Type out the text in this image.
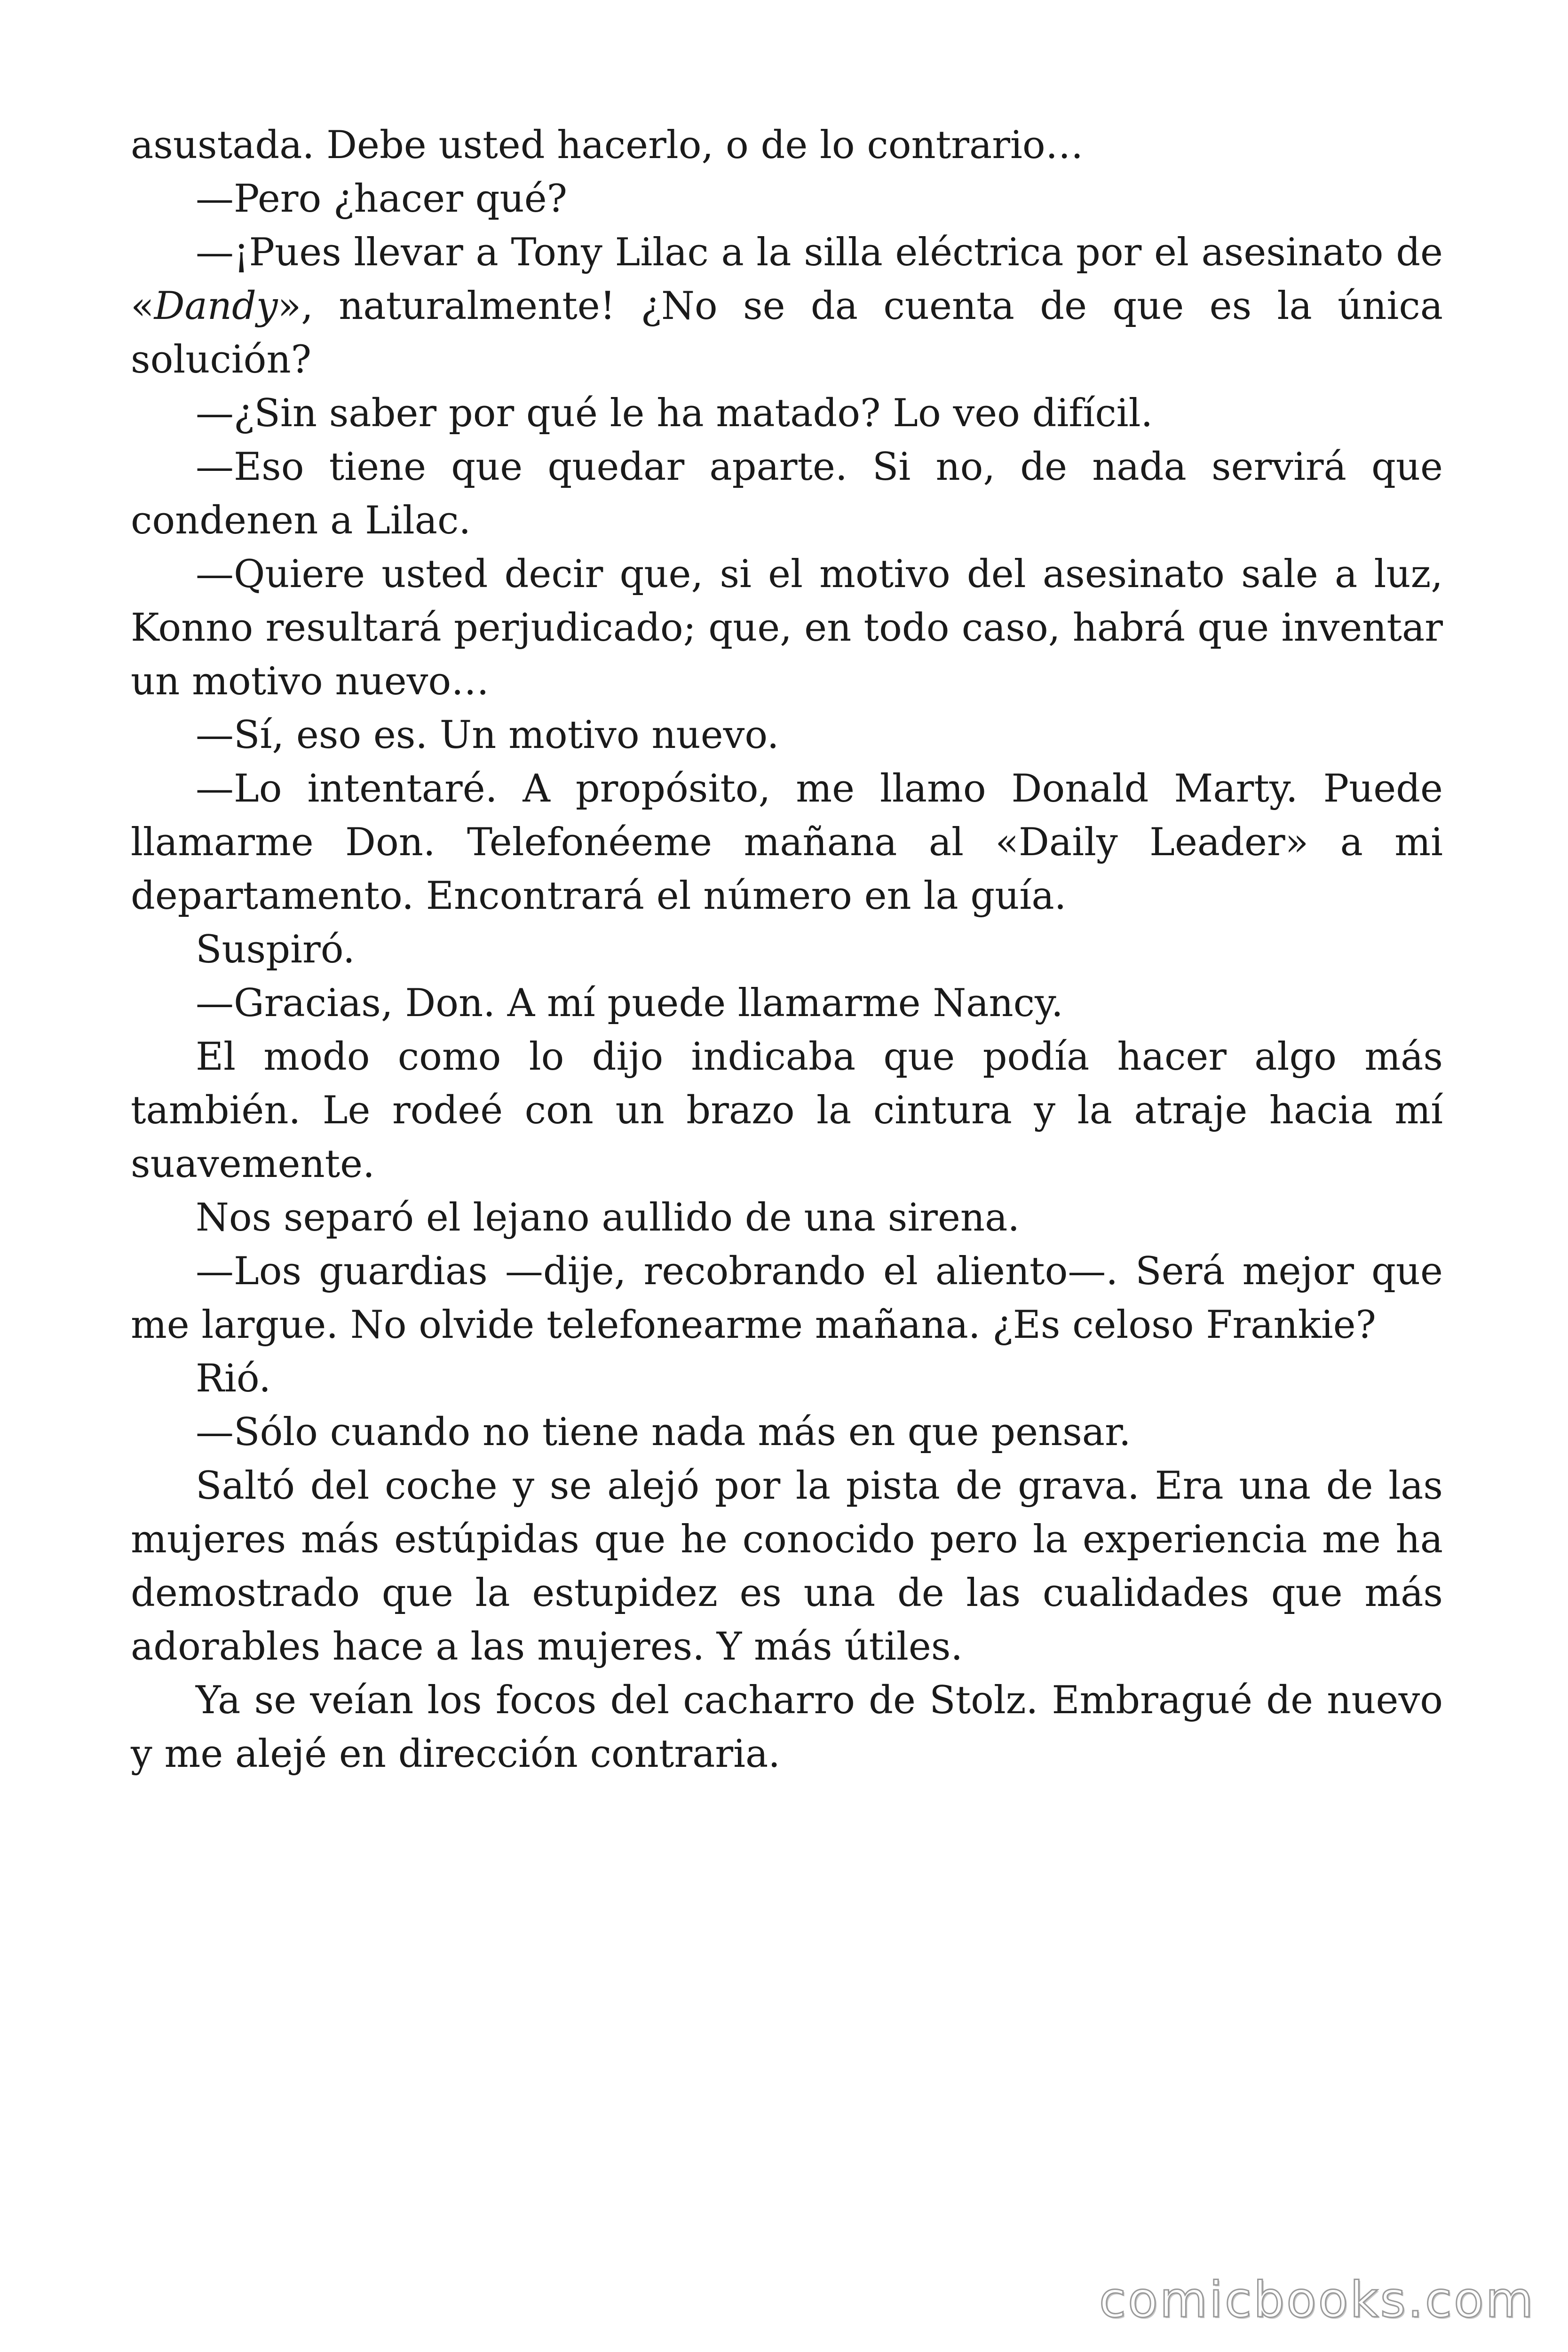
asustada. Debe usted hacerlo, o de lo contrario…

—Pero ¿hacer qué?

—¡Pues llevar a Tony Lilac a la silla eléctrica por el asesinato de «Dandy», naturalmente! ¿No se da cuenta de que es la única solución?

—¿Sin saber por qué le ha matado? Lo veo difícil.

—Eso tiene que quedar aparte. Si no, de nada servirá que condenen a Lilac.

—Quiere usted decir que, si el motivo del asesinato sale a luz, Konno resultará perjudicado; que, en todo caso, habrá que inventar un motivo nuevo…

—Sí, eso es. Un motivo nuevo.

—Lo intentaré. A propósito, me llamo Donald Marty. Puede llamarme Don. Telefonéeme mañana al «Daily Leader» a mi departamento. Encontrará el número en la guía.

Suspiró.

—Gracias, Don. A mí puede llamarme Nancy.

El modo como lo dijo indicaba que podía hacer algo más también. Le rodeé con un brazo la cintura y la atraje hacia mí suavemente.

Nos separó el lejano aullido de una sirena.

—Los guardias —dije, recobrando el aliento—. Será mejor que me largue. No olvide telefonearme mañana. ¿Es celoso Frankie?

Rió.

—Sólo cuando no tiene nada más en que pensar.

Saltó del coche y se alejó por la pista de grava. Era una de las mujeres más estúpidas que he conocido pero la experiencia me ha demostrado que la estupidez es una de las cualidades que más adorables hace a las mujeres. Y más útiles.

Ya se veían los focos del cacharro de Stolz. Embragué de nuevo y me alejé en dirección contraria.

comicbooks.com
